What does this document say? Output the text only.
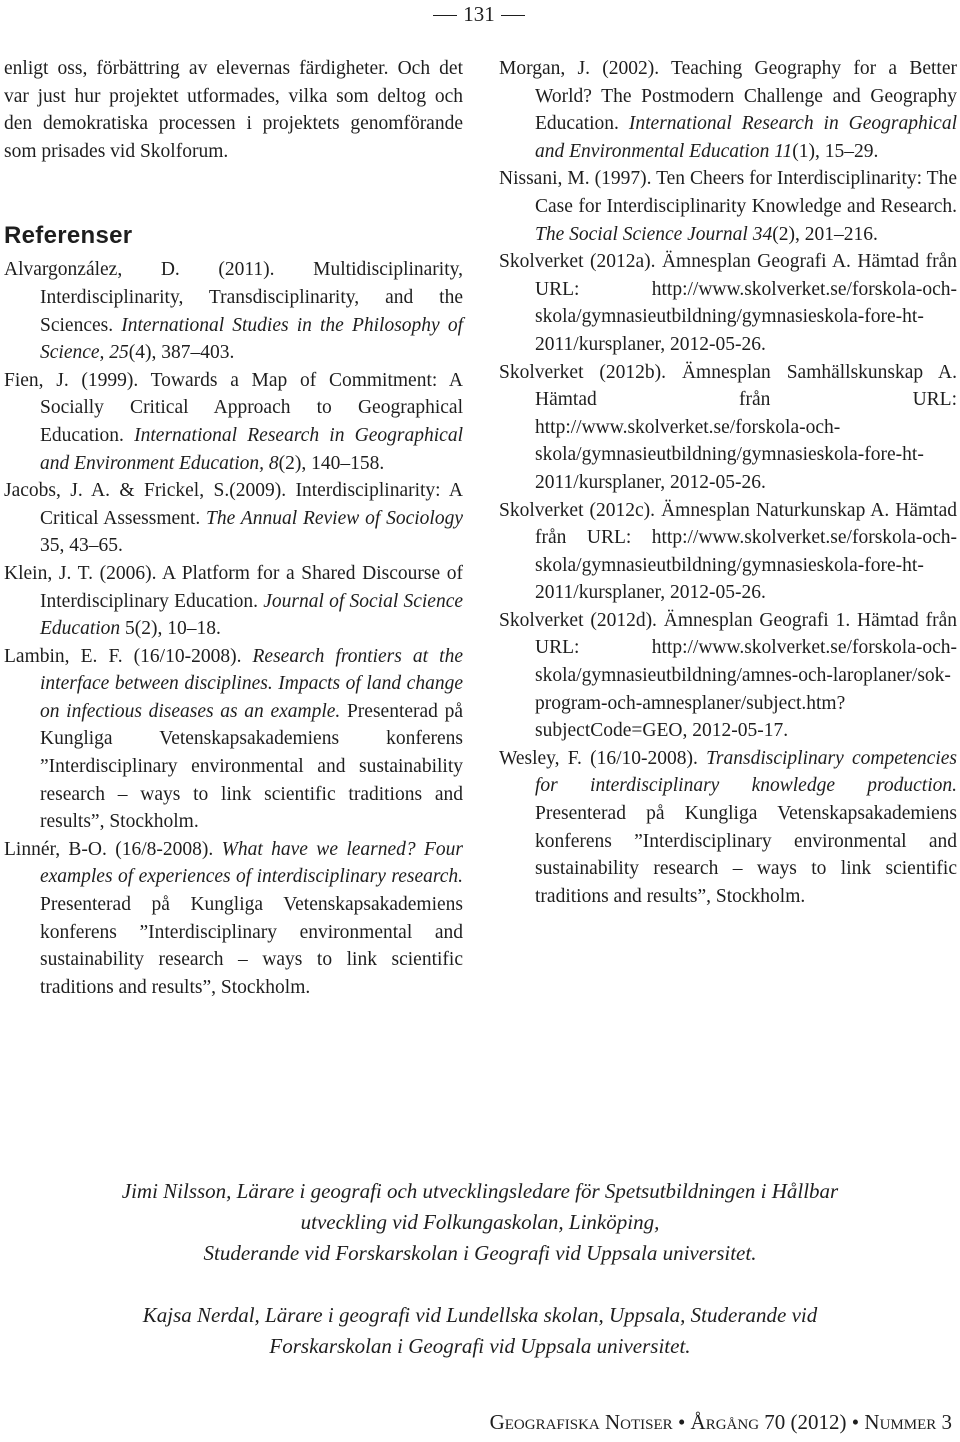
131

enligt oss, förbättring av elevernas färdigheter. Och det var just hur projektet utformades, vilka som deltog och den demokratiska processen i projektets genomförande som prisades vid Skolforum.

Referenser

Alvargonzález, D. (2011). Multidisciplinarity, Interdisciplinarity, Transdisciplinarity, and the Sciences. International Studies in the Philosophy of Science, 25(4), 387–403.

Fien, J. (1999). Towards a Map of Commitment: A Socially Critical Approach to Geographical Education. International Research in Geographical and Environment Education, 8(2), 140–158.

Jacobs, J. A. & Frickel, S.(2009). Interdisciplinarity: A Critical Assessment. The Annual Review of Sociology 35, 43–65.

Klein, J. T. (2006). A Platform for a Shared Discourse of Interdisciplinary Education. Journal of Social Science Education 5(2), 10–18.

Lambin, E. F. (16/10-2008). Research frontiers at the interface between disciplines. Impacts of land change on infectious diseases as an example. Presenterad på Kungliga Vetenskapsakademiens konferens ”Interdisciplinary environmental and sustainability research – ways to link scientific traditions and results”, Stockholm.

Linnér, B-O. (16/8-2008). What have we learned? Four examples of experiences of interdisciplinary research. Presenterad på Kungliga Vetenskapsakademiens konferens ”Interdisciplinary environmental and sustainability research – ways to link scientific traditions and results”, Stockholm.

Morgan, J. (2002). Teaching Geography for a Better World? The Postmodern Challenge and Geography Education. International Research in Geographical and Environmental Education 11(1), 15–29.

Nissani, M. (1997). Ten Cheers for Interdisciplinarity: The Case for Interdisciplinarity Knowledge and Research. The Social Science Journal 34(2), 201–216.

Skolverket (2012a). Ämnesplan Geografi A. Hämtad från URL: http://www.skolverket.se/forskola-och-skola/gymnasieutbildning/gymnasieskola-fore-ht-2011/kursplaner, 2012-05-26.

Skolverket (2012b). Ämnesplan Samhällskunskap A. Hämtad från URL: http://www.skolverket.se/forskola-och-skola/gymnasieutbildning/gymnasieskola-fore-ht-2011/kursplaner, 2012-05-26.

Skolverket (2012c). Ämnesplan Naturkunskap A. Hämtad från URL: http://www.skolverket.se/forskola-och-skola/gymnasieutbildning/gymnasieskola-fore-ht-2011/kursplaner, 2012-05-26.

Skolverket (2012d). Ämnesplan Geografi 1. Hämtad från URL: http://www.skolverket.se/forskola-och-skola/gymnasieutbildning/amnes-och-laroplaner/sok-program-och-amnesplaner/subject.htm?subjectCode=GEO, 2012-05-17.

Wesley, F. (16/10-2008). Transdisciplinary competencies for interdisciplinary knowledge production. Presenterad på Kungliga Vetenskapsakademiens konferens ”Interdisciplinary environmental and sustainability research – ways to link scientific traditions and results”, Stockholm.

Jimi Nilsson, Lärare i geografi och utvecklingsledare för Spetsutbildningen i Hållbar

utveckling vid Folkungaskolan, Linköping,

Studerande vid Forskarskolan i Geografi vid Uppsala universitet.

Kajsa Nerdal, Lärare i geografi vid Lundellska skolan, Uppsala, Studerande vid

Forskarskolan i Geografi vid Uppsala universitet.

Geografiska Notiser • Årgång 70 (2012) • Nummer 3
